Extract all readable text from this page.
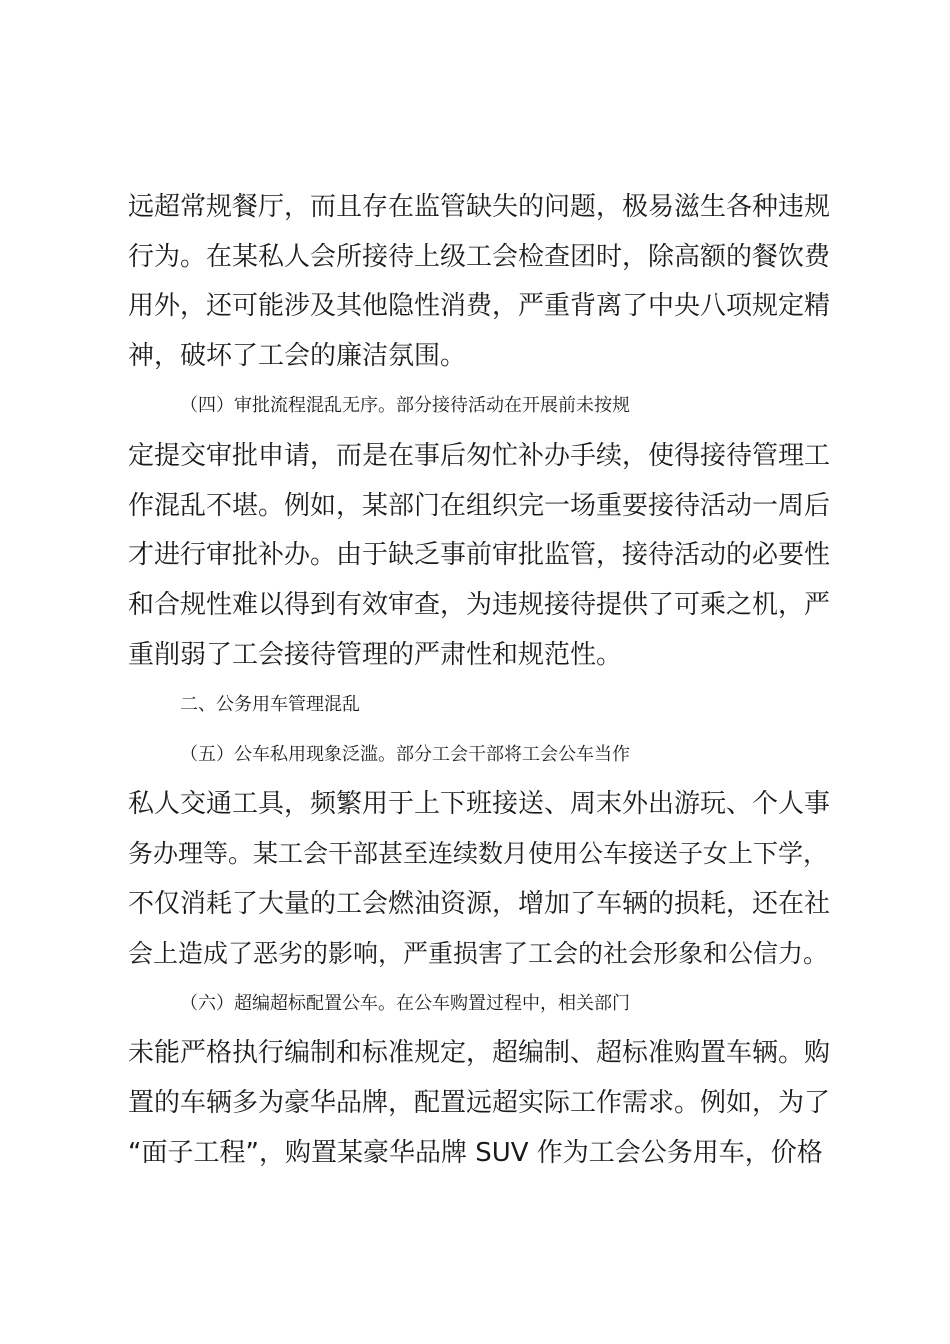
远超常规餐厅，而且存在监管缺失的问题，极易滋生各种违规
行为。在某私人会所接待上级工会检查团时，除高额的餐饮费
用外，还可能涉及其他隐性消费，严重背离了中央八项规定精
神，破坏了工会的廉洁氛围。
（四）审批流程混乱无序。部分接待活动在开展前未按规
定提交审批申请，而是在事后匆忙补办手续，使得接待管理工
作混乱不堪。例如，某部门在组织完一场重要接待活动一周后
才进行审批补办。由于缺乏事前审批监管，接待活动的必要性
和合规性难以得到有效审查，为违规接待提供了可乘之机，严
重削弱了工会接待管理的严肃性和规范性。
二、公务用车管理混乱
（五）公车私用现象泛滥。部分工会干部将工会公车当作
私人交通工具，频繁用于上下班接送、周末外出游玩、个人事
务办理等。某工会干部甚至连续数月使用公车接送子女上下学，
不仅消耗了大量的工会燃油资源，增加了车辆的损耗，还在社
会上造成了恶劣的影响，严重损害了工会的社会形象和公信力。
（六）超编超标配置公车。在公车购置过程中，相关部门
未能严格执行编制和标准规定，超编制、超标准购置车辆。购
置的车辆多为豪华品牌，配置远超实际工作需求。例如，为了
“面子工程”，购置某豪华品牌 SUV 作为工会公务用车，价格
